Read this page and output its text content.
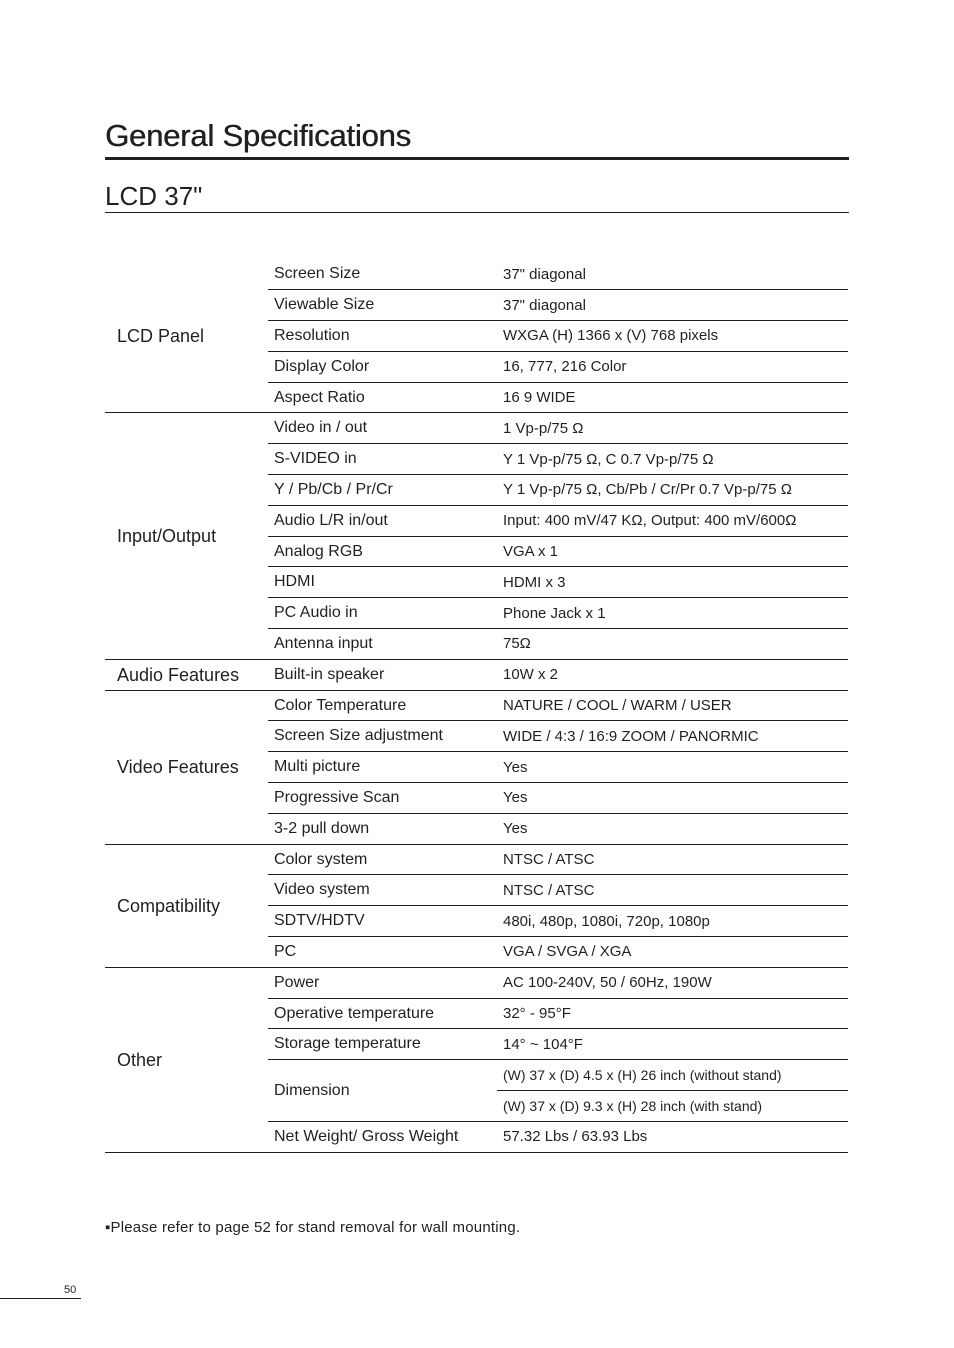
General Specifications
LCD 37"
LCD Panel		Screen Size	37" diagonal
		Viewable Size	37" diagonal
		Resolution	WXGA (H) 1366 x (V) 768 pixels
		Display Color	16, 777, 216 Color
		Aspect Ratio	16 9 WIDE
Input/Output		Video in / out	1 Vp-p/75 Ω
		S-VIDEO in	Y 1 Vp-p/75 Ω, C 0.7 Vp-p/75 Ω
		Y / Pb/Cb / Pr/Cr	Y 1 Vp-p/75 Ω, Cb/Pb / Cr/Pr 0.7 Vp-p/75 Ω
		Audio L/R in/out	Input: 400 mV/47 KΩ, Output: 400 mV/600Ω
		Analog RGB	VGA x 1
		HDMI	HDMI x 3
		PC Audio in	Phone Jack x 1
		Antenna input	75Ω
Audio Features		Built-in speaker	10W x 2
Video Features		Color Temperature	NATURE / COOL / WARM / USER
		Screen Size adjustment	WIDE / 4:3 / 16:9 ZOOM / PANORMIC
		Multi picture	Yes
		Progressive Scan	Yes
		3-2 pull down	Yes
Compatibility		Color system	NTSC / ATSC
		Video system	NTSC / ATSC
		SDTV/HDTV	480i, 480p, 1080i, 720p, 1080p
		PC	VGA / SVGA / XGA
Other		Power	AC 100-240V, 50 / 60Hz, 190W
		Operative temperature	32° - 95°F
		Storage temperature	14° ~ 104°F
		Dimension	(W) 37 x (D) 4.5 x (H) 26 inch (without stand)
			(W) 37 x (D) 9.3 x (H) 28 inch (with stand)
		Net Weight/ Gross Weight	57.32 Lbs / 63.93 Lbs
▪Please refer to page 52 for stand removal for wall mounting.
50
